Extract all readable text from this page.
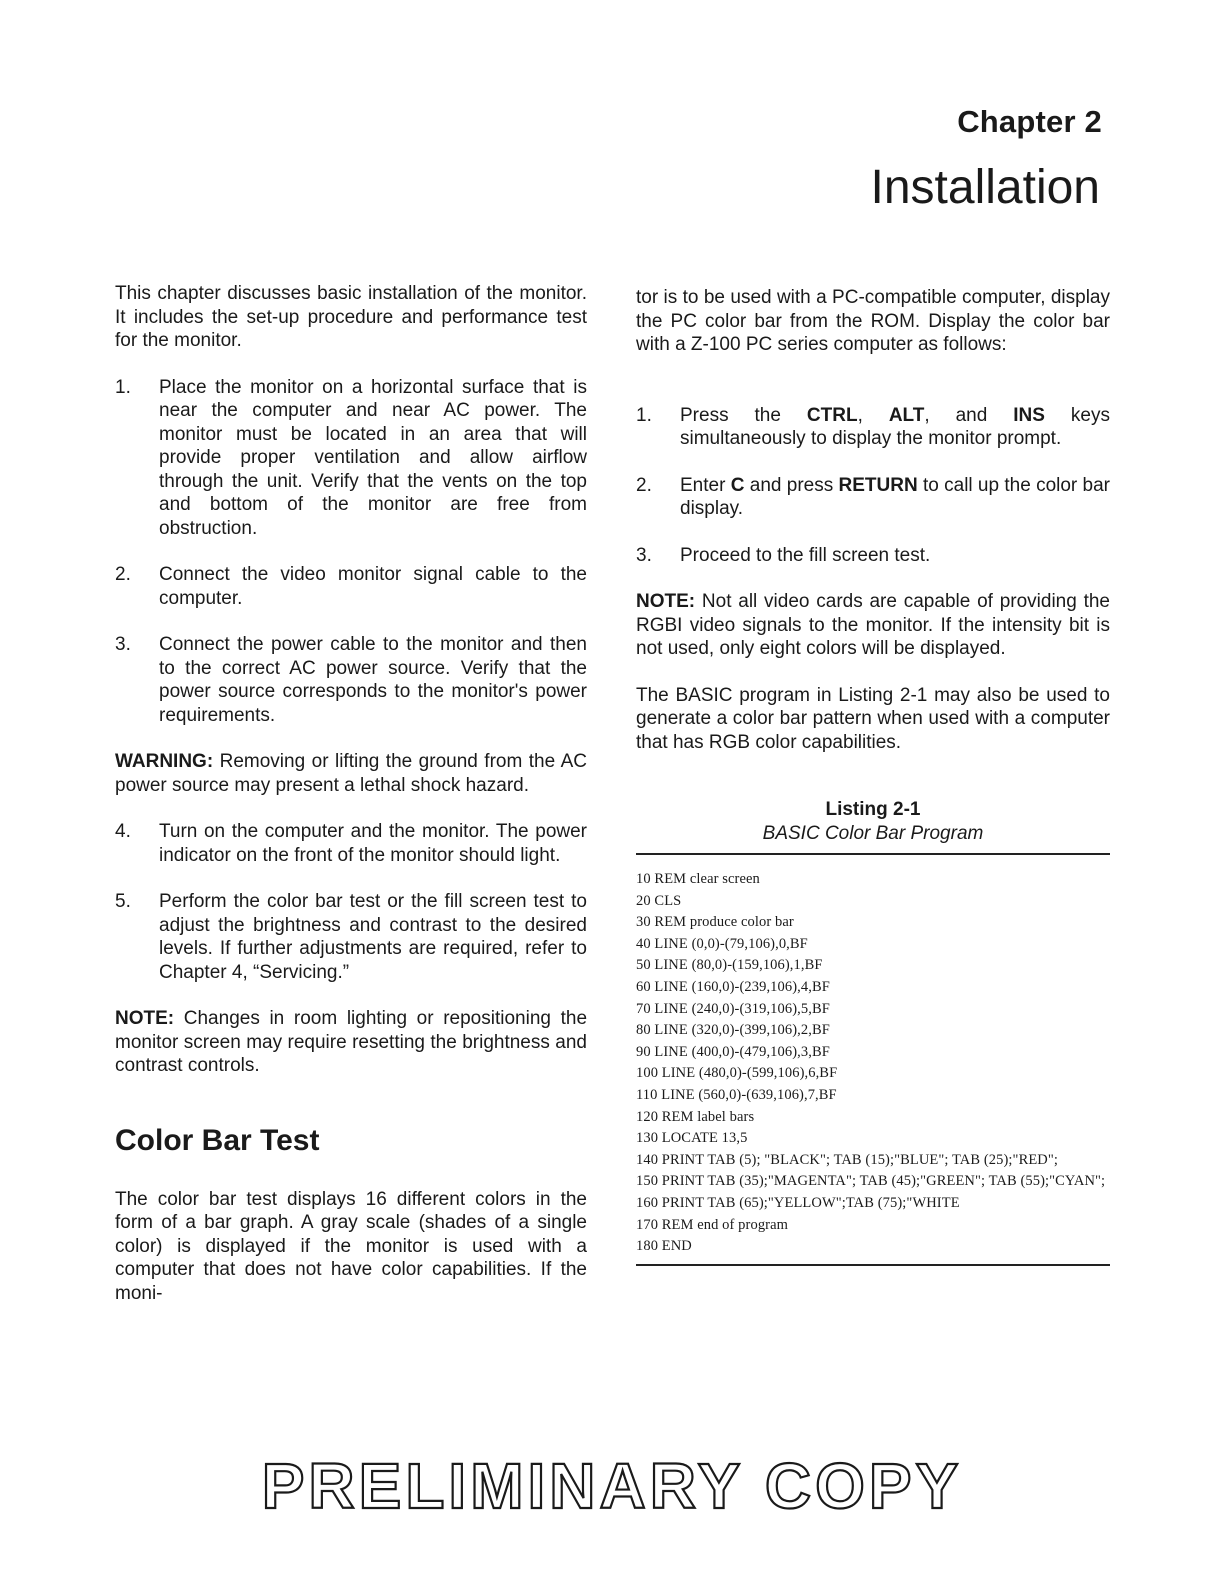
Chapter 2
Installation

This chapter discusses basic installation of the monitor. It includes the set-up procedure and performance test for the monitor.

1.	Place the monitor on a horizontal surface that is near the computer and near AC power. The monitor must be located in an area that will provide proper ventilation and allow airflow through the unit. Verify that the vents on the top and bottom of the monitor are free from obstruction.
2.	Connect the video monitor signal cable to the computer.
3.	Connect the power cable to the monitor and then to the correct AC power source. Verify that the power source corresponds to the monitor's power requirements.

WARNING: Removing or lifting the ground from the AC power source may present a lethal shock hazard.

4.	Turn on the computer and the monitor. The power indicator on the front of the monitor should light.
5.	Perform the color bar test or the fill screen test to adjust the brightness and contrast to the desired levels. If further adjustments are required, refer to Chapter 4, “Servicing.”

NOTE: Changes in room lighting or repositioning the monitor screen may require resetting the brightness and contrast controls.

Color Bar Test

The color bar test displays 16 different colors in the form of a bar graph. A gray scale (shades of a single color) is displayed if the monitor is used with a computer that does not have color capabilities. If the moni-

tor is to be used with a PC-compatible computer, display the PC color bar from the ROM. Display the color bar with a Z-100 PC series computer as follows:

1.	Press the CTRL, ALT, and INS keys simultaneously to display the monitor prompt.
2.	Enter C and press RETURN to call up the color bar display.
3.	Proceed to the fill screen test.

NOTE: Not all video cards are capable of providing the RGBI video signals to the monitor. If the intensity bit is not used, only eight colors will be displayed.

The BASIC program in Listing 2-1 may also be used to generate a color bar pattern when used with a computer that has RGB color capabilities.

Listing 2-1
BASIC Color Bar Program
10 REM clear screen
20 CLS
30 REM produce color bar
40 LINE (0,0)-(79,106),0,BF
50 LINE (80,0)-(159,106),1,BF
60 LINE (160,0)-(239,106),4,BF
70 LINE (240,0)-(319,106),5,BF
80 LINE (320,0)-(399,106),2,BF
90 LINE (400,0)-(479,106),3,BF
100 LINE (480,0)-(599,106),6,BF
110 LINE (560,0)-(639,106),7,BF
120 REM label bars
130 LOCATE 13,5
140 PRINT TAB (5); "BLACK"; TAB (15);"BLUE"; TAB (25);"RED";
150 PRINT TAB (35);"MAGENTA"; TAB (45);"GREEN"; TAB (55);"CYAN";
160 PRINT TAB (65);"YELLOW";TAB (75);"WHITE
170 REM end of program
180 END
PRELIMINARY COPY
